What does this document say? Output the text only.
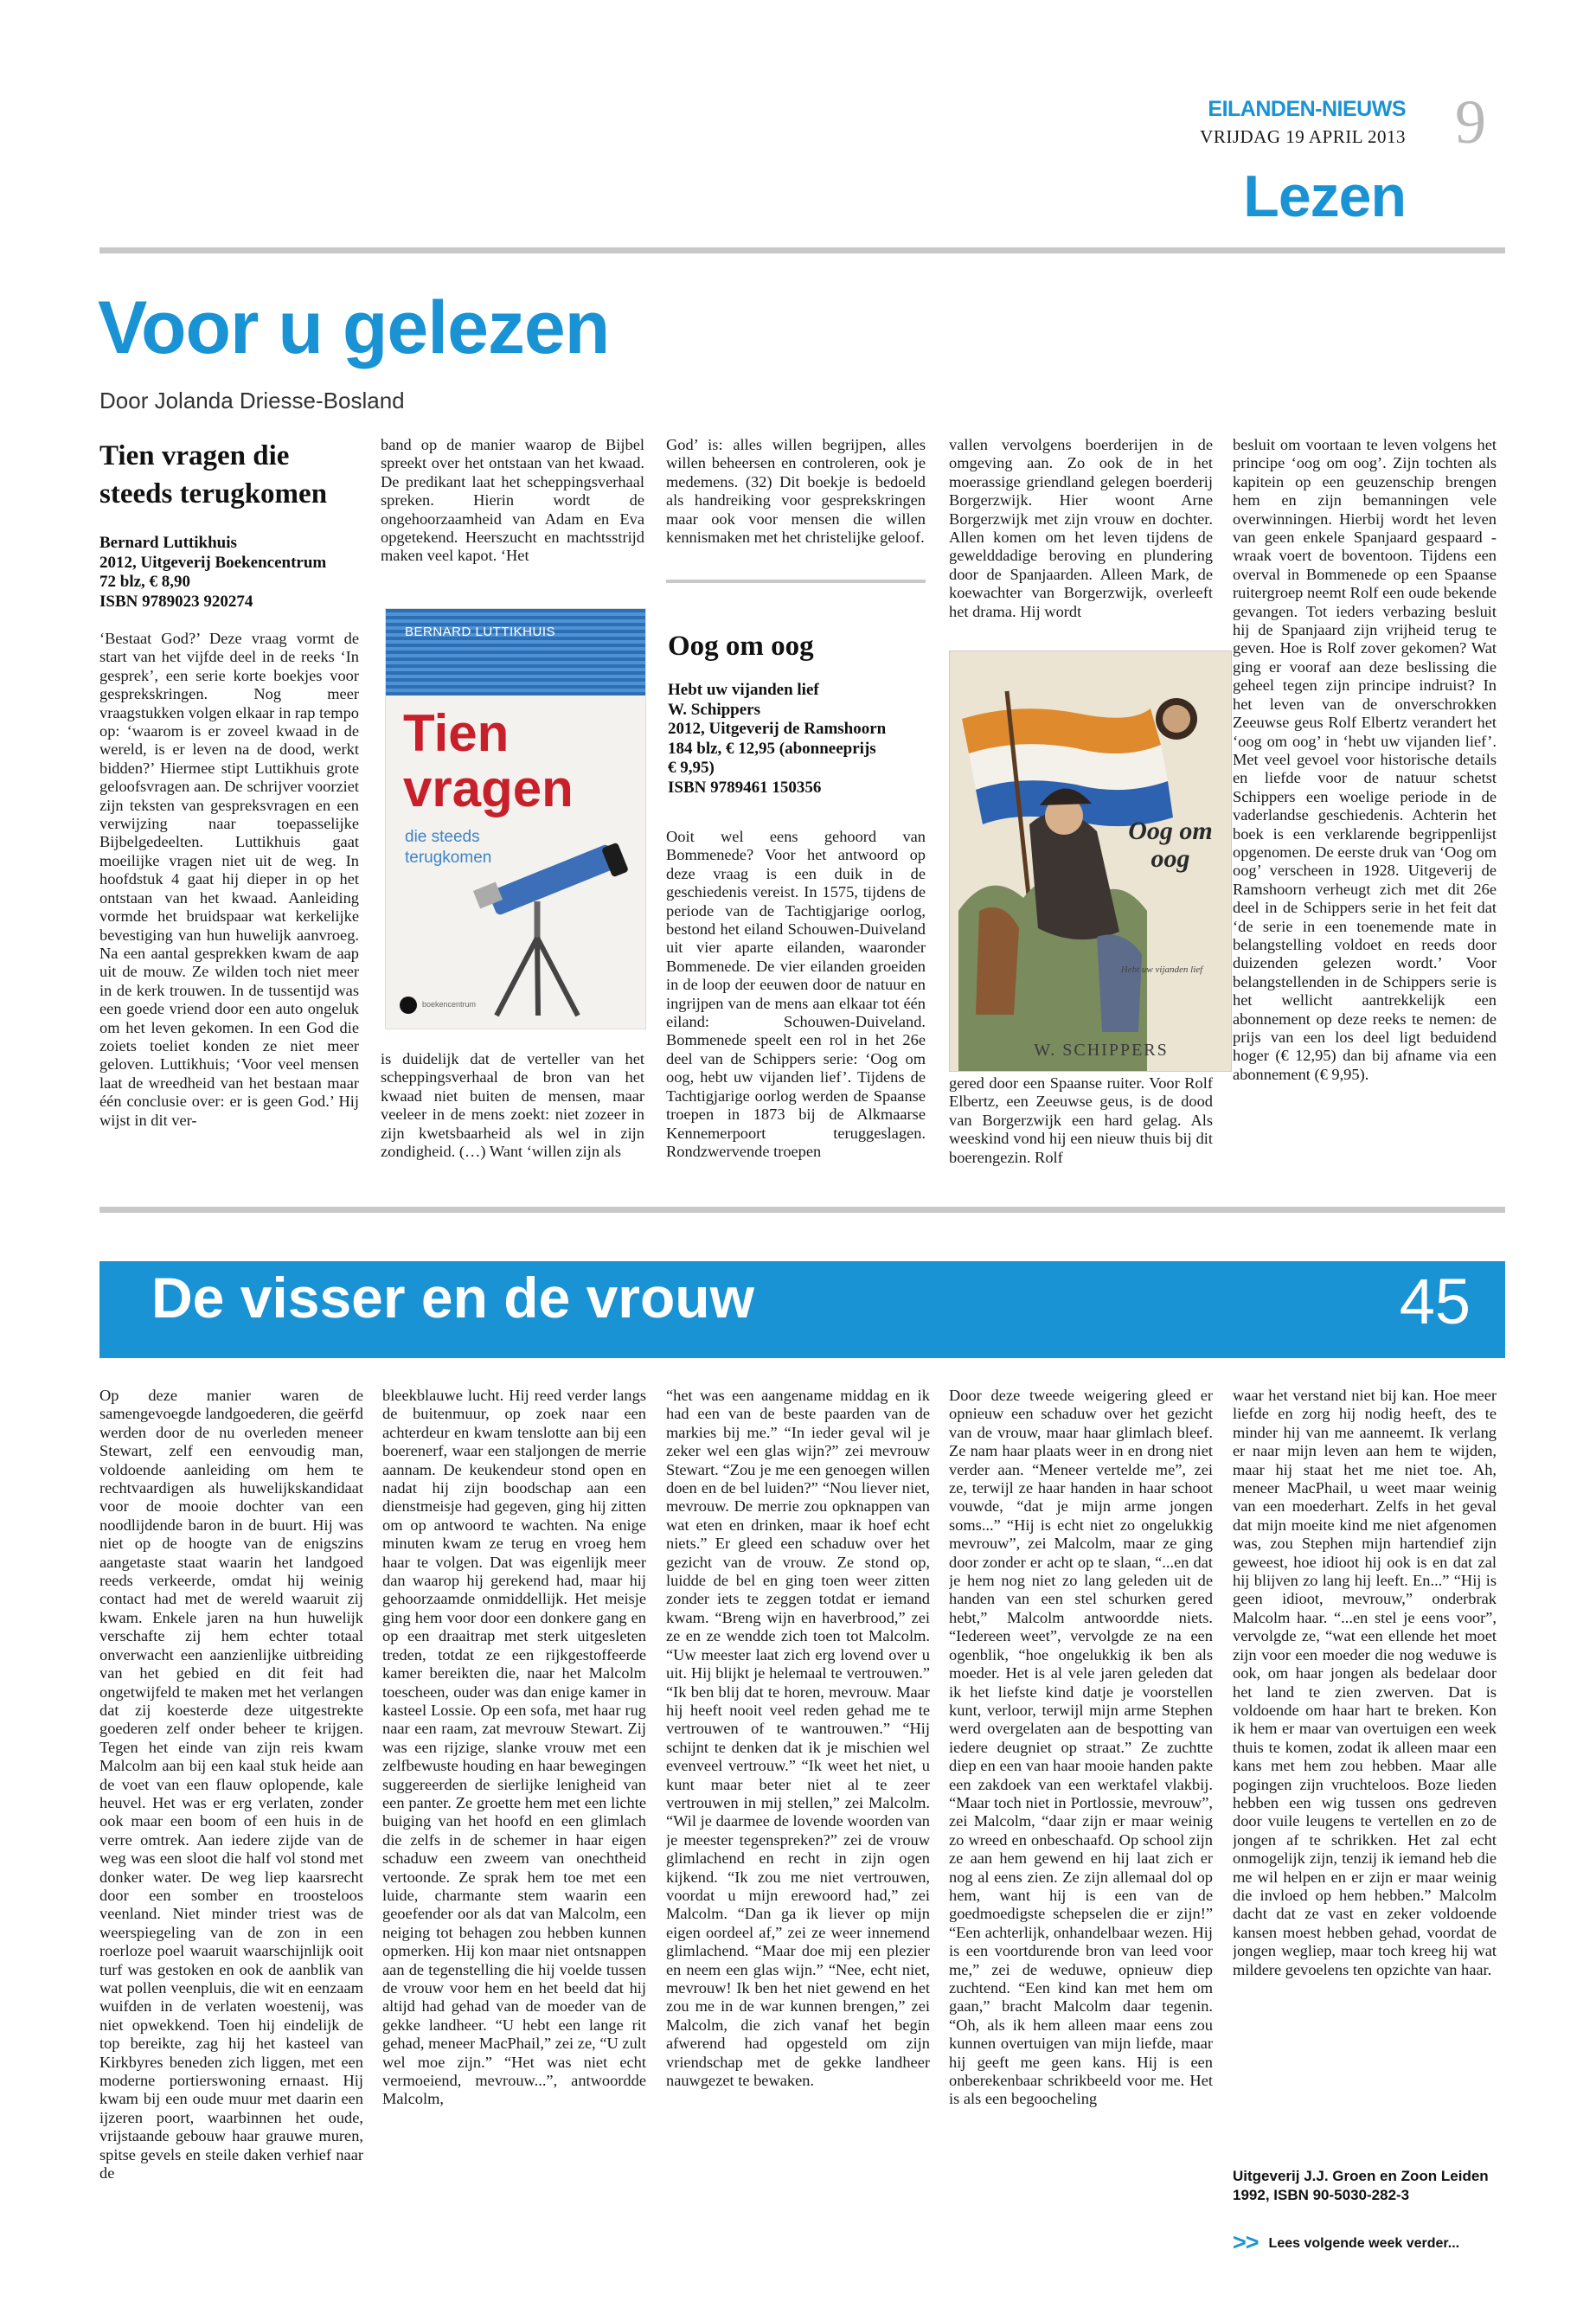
EILANDEN-NIEUWS
VRIJDAG 19 APRIL 2013 9
Lezen
Voor u gelezen
Door Jolanda Driesse-Bosland
Tien vragen die steeds terugkomen
Bernard Luttikhuis
2012, Uitgeverij Boekencentrum
72 blz, € 8,90
ISBN 9789023 920274

‘Bestaat God?’ Deze vraag vormt de start van het vijfde deel in de reeks ‘In gesprek’, een serie korte boekjes voor gesprekskringen. Nog meer vraagstukken volgen elkaar in rap tempo op: ‘waarom is er zoveel kwaad in de wereld, is er leven na de dood, werkt bidden?’ Hiermee stipt Luttikhuis grote geloofsvragen aan. De schrijver voorziet zijn teksten van gespreksvragen en een verwijzing naar toepasselijke Bijbelgedeelten. Luttikhuis gaat moeilijke vragen niet uit de weg. In hoofdstuk 4 gaat hij dieper in op het ontstaan van het kwaad. Aanleiding vormde het bruidspaar wat kerkelijke bevestiging van hun huwelijk aanvroeg. Na een aantal gesprekken kwam de aap uit de mouw. Ze wilden toch niet meer in de kerk trouwen. In de tussentijd was een goede vriend door een auto ongeluk om het leven gekomen. In een God die zoiets toeliet konden ze niet meer geloven. Luttikhuis; ‘Voor veel mensen laat de wreedheid van het bestaan maar één conclusie over: er is geen God.’ Hij wijst in dit ver-

band op de manier waarop de Bijbel spreekt over het ontstaan van het kwaad. De predikant laat het scheppingsverhaal spreken. Hierin wordt de ongehoorzaamheid van Adam en Eva opgetekend. Heerszucht en machtsstrijd maken veel kapot. ‘Het

BERNARD LUTTIKHUIS
Tien
vragen
die steeds
terugkomen
boekencentrum

is duidelijk dat de verteller van het scheppingsverhaal de bron van het kwaad niet buiten de mensen, maar veeleer in de mens zoekt: niet zozeer in zijn kwetsbaarheid als wel in zijn zondigheid. (…) Want ‘willen zijn als

God’ is: alles willen begrijpen, alles willen beheersen en controleren, ook je medemens. (32) Dit boekje is bedoeld als handreiking voor gesprekskringen maar ook voor mensen die willen kennismaken met het christelijke geloof.

Oog om oog
Hebt uw vijanden lief
W. Schippers
2012, Uitgeverij de Ramshoorn
184 blz, € 12,95 (abonneeprijs
€ 9,95)
ISBN 9789461 150356

Ooit wel eens gehoord van Bommenede? Voor het antwoord op deze vraag is een duik in de geschiedenis vereist. In 1575, tijdens de periode van de Tachtigjarige oorlog, bestond het eiland Schouwen-Duiveland uit vier aparte eilanden, waaronder Bommenede. De vier eilanden groeiden in de loop der eeuwen door de natuur en ingrijpen van de mens aan elkaar tot één eiland: Schouwen-Duiveland. Bommenede speelt een rol in het 26e deel van de Schippers serie: ‘Oog om oog, hebt uw vijanden lief’. Tijdens de Tachtigjarige oorlog werden de Spaanse troepen in 1873 bij de Alkmaarse Kennemerpoort teruggeslagen. Rondzwervende troepen

vallen vervolgens boerderijen in de omgeving aan. Zo ook de in het moerassige griendland gelegen boerderij Borgerzwijk. Hier woont Arne Borgerzwijk met zijn vrouw en dochter. Allen komen om het leven tijdens de gewelddadige beroving en plundering door de Spanjaarden. Alleen Mark, de koewachter van Borgerzwijk, overleeft het drama. Hij wordt

Oog om
oog
Hebt uw vijanden lief
W. SCHIPPERS

gered door een Spaanse ruiter. Voor Rolf Elbertz, een Zeeuwse geus, is de dood van Borgerzwijk een hard gelag. Als weeskind vond hij een nieuw thuis bij dit boerengezin. Rolf

besluit om voortaan te leven volgens het principe ‘oog om oog’. Zijn tochten als kapitein op een geuzenschip brengen hem en zijn bemanningen vele overwinningen. Hierbij wordt het leven van geen enkele Spanjaard gespaard - wraak voert de boventoon. Tijdens een overval in Bommenede op een Spaanse ruitergroep neemt Rolf een oude bekende gevangen. Tot ieders verbazing besluit hij de Spanjaard zijn vrijheid terug te geven. Hoe is Rolf zover gekomen? Wat ging er vooraf aan deze beslissing die geheel tegen zijn principe indruist? In het leven van de onverschrokken Zeeuwse geus Rolf Elbertz verandert het ‘oog om oog’ in ‘hebt uw vijanden lief’. Met veel gevoel voor historische details en liefde voor de natuur schetst Schippers een woelige periode in de vaderlandse geschiedenis. Achterin het boek is een verklarende begrippenlijst opgenomen. De eerste druk van ‘Oog om oog’ verscheen in 1928. Uitgeverij de Ramshoorn verheugt zich met dit 26e deel in de Schippers serie in het feit dat ‘de serie in een toenemende mate in belangstelling voldoet en reeds door duizenden gelezen wordt.’ Voor belangstellenden in de Schippers serie is het wellicht aantrekkelijk een abonnement op deze reeks te nemen: de prijs van een los deel ligt beduidend hoger (€ 12,95) dan bij afname via een abonnement (€ 9,95).

De visser en de vrouw	45

Op deze manier waren de samengevoegde landgoederen, die geërfd werden door de nu overleden meneer Stewart, zelf een eenvoudig man, voldoende aanleiding om hem te rechtvaardigen als huwelijkskandidaat voor de mooie dochter van een noodlijdende baron in de buurt. Hij was niet op de hoogte van de enigszins aangetaste staat waarin het landgoed reeds verkeerde, omdat hij weinig contact had met de wereld waaruit zij kwam. Enkele jaren na hun huwelijk verschafte zij hem echter totaal onverwacht een aanzienlijke uitbreiding van het gebied en dit feit had ongetwijfeld te maken met het verlangen dat zij koesterde deze uitgestrekte goederen zelf onder beheer te krijgen. Tegen het einde van zijn reis kwam Malcolm aan bij een kaal stuk heide aan de voet van een flauw oplopende, kale heuvel. Het was er erg verlaten, zonder ook maar een boom of een huis in de verre omtrek. Aan iedere zijde van de weg was een sloot die half vol stond met donker water. De weg liep kaarsrecht door een somber en troosteloos veenland. Niet minder triest was de weerspiegeling van de zon in een roerloze poel waaruit waarschijnlijk ooit turf was gestoken en ook de aanblik van wat pollen veenpluis, die wit en eenzaam wuifden in de verlaten woestenij, was niet opwekkend. Toen hij eindelijk de top bereikte, zag hij het kasteel van Kirkbyres beneden zich liggen, met een moderne portierswoning ernaast. Hij kwam bij een oude muur met daarin een ijzeren poort, waarbinnen het oude, vrijstaande gebouw haar grauwe muren, spitse gevels en steile daken verhief naar de

bleekblauwe lucht. Hij reed verder langs de buitenmuur, op zoek naar een achterdeur en kwam tenslotte aan bij een boerenerf, waar een staljongen de merrie aannam. De keukendeur stond open en nadat hij zijn boodschap aan een dienstmeisje had gegeven, ging hij zitten om op antwoord te wachten. Na enige minuten kwam ze terug en vroeg hem haar te volgen. Dat was eigenlijk meer dan waarop hij gerekend had, maar hij gehoorzaamde onmiddellijk. Het meisje ging hem voor door een donkere gang en op een draaitrap met sterk uitgesleten treden, totdat ze een rijkgestoffeerde kamer bereikten die, naar het Malcolm toescheen, ouder was dan enige kamer in kasteel Lossie. Op een sofa, met haar rug naar een raam, zat mevrouw Stewart. Zij was een rijzige, slanke vrouw met een zelfbewuste houding en haar bewegingen suggereerden de sierlijke lenigheid van een panter. Ze groette hem met een lichte buiging van het hoofd en een glimlach die zelfs in de schemer in haar eigen schaduw een zweem van onechtheid vertoonde. Ze sprak hem toe met een luide, charmante stem waarin een geoefender oor als dat van Malcolm, een neiging tot behagen zou hebben kunnen opmerken. Hij kon maar niet ontsnappen aan de tegenstelling die hij voelde tussen de vrouw voor hem en het beeld dat hij altijd had gehad van de moeder van de gekke landheer. “U hebt een lange rit gehad, meneer MacPhail,” zei ze, “U zult wel moe zijn.” “Het was niet echt vermoeiend, mevrouw...”, antwoordde Malcolm,

“het was een aangename middag en ik had een van de beste paarden van de markies bij me.” “In ieder geval wil je zeker wel een glas wijn?” zei mevrouw Stewart. “Zou je me een genoegen willen doen en de bel luiden?” “Nou liever niet, mevrouw. De merrie zou opknappen van wat eten en drinken, maar ik hoef echt niets.” Er gleed een schaduw over het gezicht van de vrouw. Ze stond op, luidde de bel en ging toen weer zitten zonder iets te zeggen totdat er iemand kwam. “Breng wijn en haverbrood,” zei ze en ze wendde zich toen tot Malcolm. “Uw meester laat zich erg lovend over u uit. Hij blijkt je helemaal te vertrouwen.” “Ik ben blij dat te horen, mevrouw. Maar hij heeft nooit veel reden gehad me te vertrouwen of te wantrouwen.” “Hij schijnt te denken dat ik je mischien wel evenveel vertrouw.” “Ik weet het niet, u kunt maar beter niet al te zeer vertrouwen in mij stellen,” zei Malcolm. “Wil je daarmee de lovende woorden van je meester tegenspreken?” zei de vrouw glimlachend en recht in zijn ogen kijkend. “Ik zou me niet vertrouwen, voordat u mijn erewoord had,” zei Malcolm. “Dan ga ik liever op mijn eigen oordeel af,” zei ze weer innemend glimlachend. “Maar doe mij een plezier en neem een glas wijn.” “Nee, echt niet, mevrouw! Ik ben het niet gewend en het zou me in de war kunnen brengen,” zei Malcolm, die zich vanaf het begin afwerend had opgesteld om zijn vriendschap met de gekke landheer nauwgezet te bewaken.

Door deze tweede weigering gleed er opnieuw een schaduw over het gezicht van de vrouw, maar haar glimlach bleef. Ze nam haar plaats weer in en drong niet verder aan. “Meneer vertelde me”, zei ze, terwijl ze haar handen in haar schoot vouwde, “dat je mijn arme jongen soms...” “Hij is echt niet zo ongelukkig mevrouw”, zei Malcolm, maar ze ging door zonder er acht op te slaan, “...en dat je hem nog niet zo lang geleden uit de handen van een stel schurken gered hebt,” Malcolm antwoordde niets. “Iedereen weet”, vervolgde ze na een ogenblik, “hoe ongelukkig ik ben als moeder. Het is al vele jaren geleden dat ik het liefste kind datje je voorstellen kunt, verloor, terwijl mijn arme Stephen werd overgelaten aan de bespotting van iedere deugniet op straat.” Ze zuchtte diep en een van haar mooie handen pakte een zakdoek van een werktafel vlakbij. “Maar toch niet in Portlossie, mevrouw”, zei Malcolm, “daar zijn er maar weinig zo wreed en onbeschaafd. Op school zijn ze aan hem gewend en hij laat zich er nog al eens zien. Ze zijn allemaal dol op hem, want hij is een van de goedmoedigste schepselen die er zijn!” “Een achterlijk, onhandelbaar wezen. Hij is een voortdurende bron van leed voor me,” zei de weduwe, opnieuw diep zuchtend. “Een kind kan met hem om gaan,” bracht Malcolm daar tegenin. “Oh, als ik hem alleen maar eens zou kunnen overtuigen van mijn liefde, maar hij geeft me geen kans. Hij is een onberekenbaar schrikbeeld voor me. Het is als een begoocheling

waar het verstand niet bij kan. Hoe meer liefde en zorg hij nodig heeft, des te minder hij van me aanneemt. Ik verlang er naar mijn leven aan hem te wijden, maar hij staat het me niet toe. Ah, meneer MacPhail, u weet maar weinig van een moederhart. Zelfs in het geval dat mijn moeite kind me niet afgenomen was, zou Stephen mijn hartendief zijn geweest, hoe idioot hij ook is en dat zal hij blijven zo lang hij leeft. En...” “Hij is geen idioot, mevrouw,” onderbrak Malcolm haar. “...en stel je eens voor”, vervolgde ze, “wat een ellende het moet zijn voor een moeder die nog weduwe is ook, om haar jongen als bedelaar door het land te zien zwerven. Dat is voldoende om haar hart te breken. Kon ik hem er maar van overtuigen een week thuis te komen, zodat ik alleen maar een kans met hem zou hebben. Maar alle pogingen zijn vruchteloos. Boze lieden hebben een wig tussen ons gedreven door vuile leugens te vertellen en zo de jongen af te schrikken. Het zal echt onmogelijk zijn, tenzij ik iemand heb die me wil helpen en er zijn er maar weinig die invloed op hem hebben.” Malcolm dacht dat ze vast en zeker voldoende kansen moest hebben gehad, voordat de jongen wegliep, maar toch kreeg hij wat mildere gevoelens ten opzichte van haar.

Uitgeverij J.J. Groen en Zoon Leiden
1992, ISBN 90-5030-282-3
>> Lees volgende week verder...
